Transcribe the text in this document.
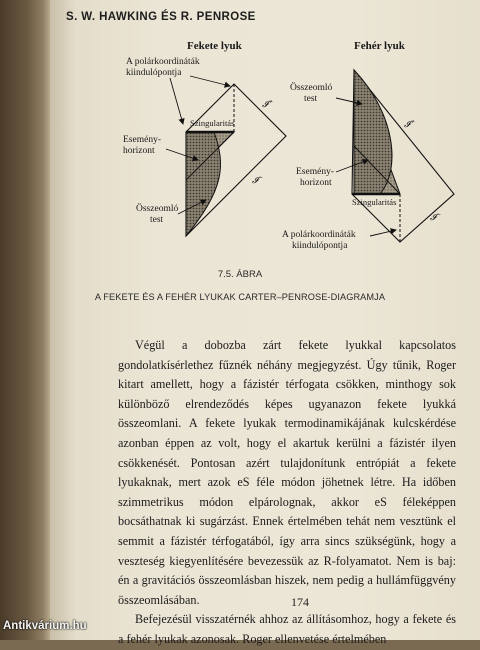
S. W. HAWKING ÉS R. PENROSE
Fekete lyuk
A polárkoordináták
kiindulópontja
Szingularitás
Esemény-
horizont
Összeomló
test
𝓘⁺
𝓘⁻
Fehér lyuk
Összeomló
test
Esemény-
horizont
Szingularitás
A polárkoordináták
kiindulópontja
𝓘⁺
𝓘⁻
7.5. ÁBRA
A FEKETE ÉS A FEHÉR LYUKAK CARTER–PENROSE-DIAGRAMJA

Végül a dobozba zárt fekete lyukkal kapcsolatos gondolatkísérlethez fűznék néhány megjegyzést. Úgy tűnik, Roger kitart amellett, hogy a fázistér térfogata csökken, minthogy sok különböző elrendeződés képes ugyanazon fekete lyukká összeomlani. A fekete lyukak termodinamikájának kulcskérdése azonban éppen az volt, hogy el akartuk kerülni a fázistér ilyen csökkenését. Pontosan azért tulajdonítunk entrópiát a fekete lyukaknak, mert azok eS féle módon jöhetnek létre. Ha időben szimmetrikus módon elpárolognak, akkor eS féleképpen bocsáthatnak ki sugárzást. Ennek értelmében tehát nem vesztünk el semmit a fázistér térfogatából, így arra sincs szükségünk, hogy a veszteség kiegyenlítésére bevezessük az R-folyamatot. Nem is baj: én a gravitációs összeomlásban hiszek, nem pedig a hullámfüggvény összeomlásában.

Befejezésül visszatérnék ahhoz az állításomhoz, hogy a fekete és a fehér lyukak azonosak. Roger ellenvetése értelmében

174
Antikvárium.hu
